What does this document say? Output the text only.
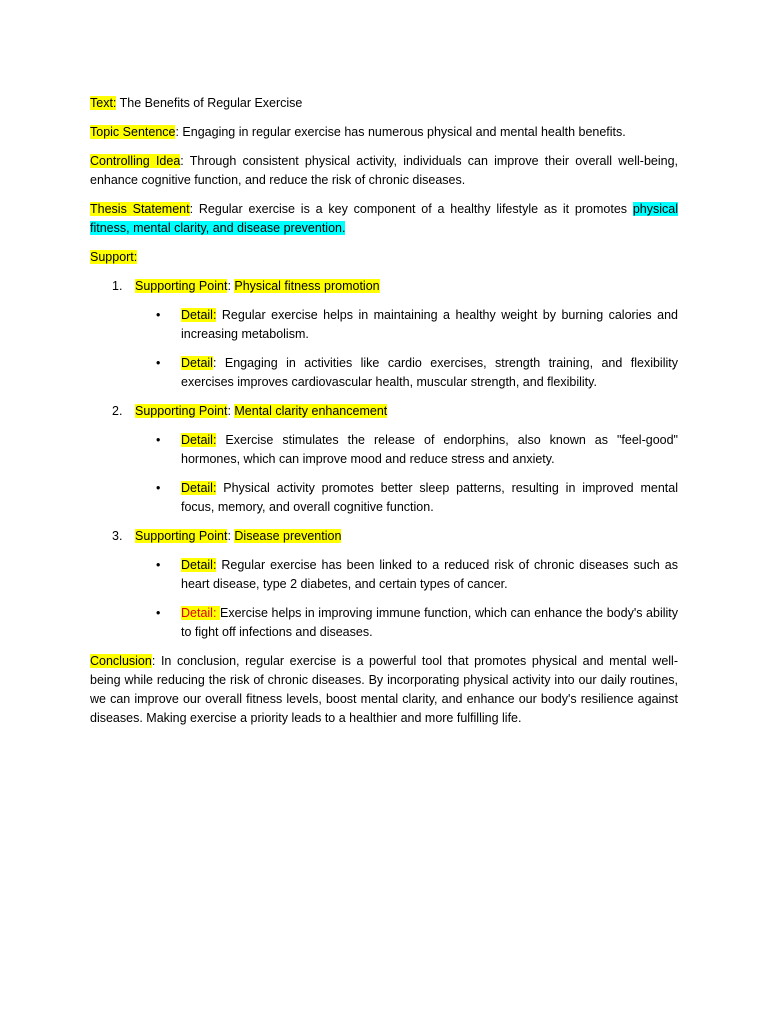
Text: The Benefits of Regular Exercise

Topic Sentence: Engaging in regular exercise has numerous physical and mental health benefits.

Controlling Idea: Through consistent physical activity, individuals can improve their overall well-being, enhance cognitive function, and reduce the risk of chronic diseases.

Thesis Statement: Regular exercise is a key component of a healthy lifestyle as it promotes physical fitness, mental clarity, and disease prevention.

Support:

1. Supporting Point: Physical fitness promotion
• Detail: Regular exercise helps in maintaining a healthy weight by burning calories and increasing metabolism.
• Detail: Engaging in activities like cardio exercises, strength training, and flexibility exercises improves cardiovascular health, muscular strength, and flexibility.
2. Supporting Point: Mental clarity enhancement
• Detail: Exercise stimulates the release of endorphins, also known as "feel-good" hormones, which can improve mood and reduce stress and anxiety.
• Detail: Physical activity promotes better sleep patterns, resulting in improved mental focus, memory, and overall cognitive function.
3. Supporting Point: Disease prevention
• Detail: Regular exercise has been linked to a reduced risk of chronic diseases such as heart disease, type 2 diabetes, and certain types of cancer.
• Detail: Exercise helps in improving immune function, which can enhance the body's ability to fight off infections and diseases.

Conclusion: In conclusion, regular exercise is a powerful tool that promotes physical and mental well-being while reducing the risk of chronic diseases. By incorporating physical activity into our daily routines, we can improve our overall fitness levels, boost mental clarity, and enhance our body's resilience against diseases. Making exercise a priority leads to a healthier and more fulfilling life.
